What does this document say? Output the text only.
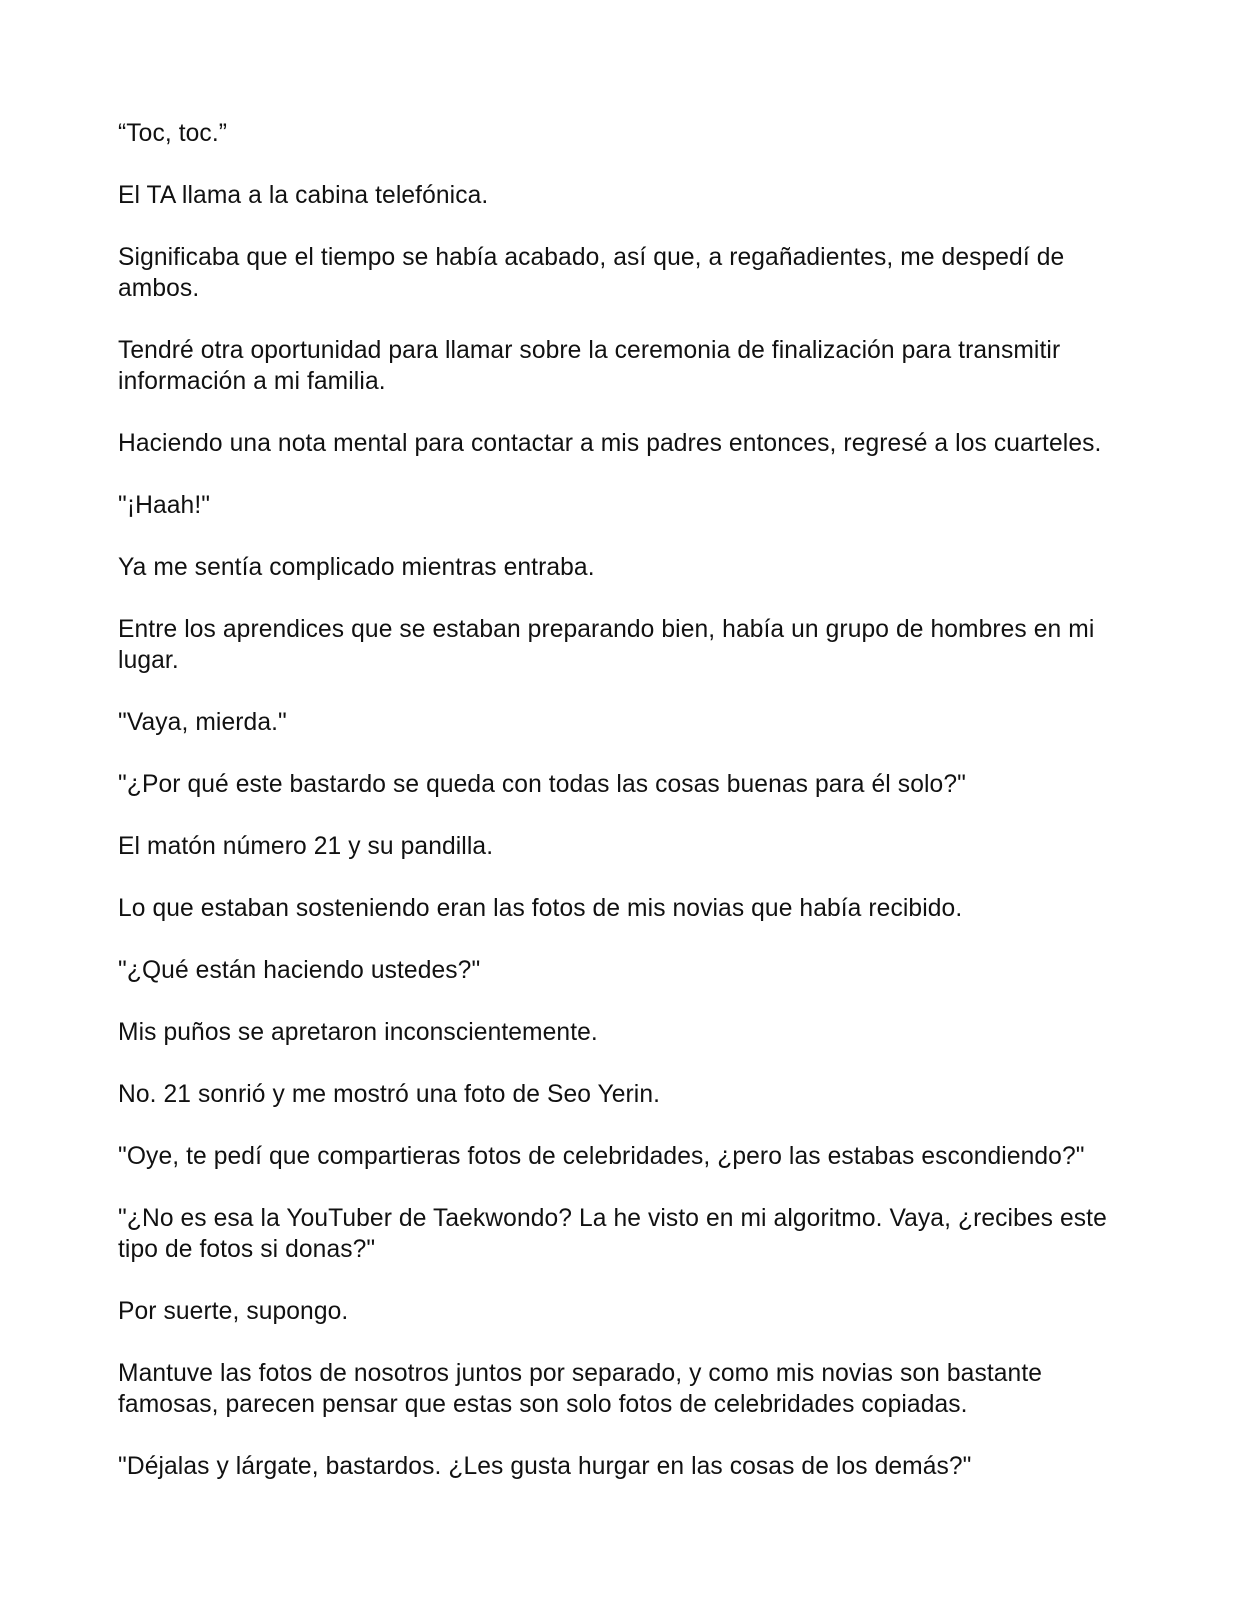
“Toc, toc.”

El TA llama a la cabina telefónica.

Significaba que el tiempo se había acabado, así que, a regañadientes, me despedí de ambos.

Tendré otra oportunidad para llamar sobre la ceremonia de finalización para transmitir información a mi familia.

Haciendo una nota mental para contactar a mis padres entonces, regresé a los cuarteles.

"¡Haah!"

Ya me sentía complicado mientras entraba.

Entre los aprendices que se estaban preparando bien, había un grupo de hombres en mi lugar.

"Vaya, mierda."

"¿Por qué este bastardo se queda con todas las cosas buenas para él solo?"

El matón número 21 y su pandilla.

Lo que estaban sosteniendo eran las fotos de mis novias que había recibido.

"¿Qué están haciendo ustedes?"

Mis puños se apretaron inconscientemente.

No. 21 sonrió y me mostró una foto de Seo Yerin.

"Oye, te pedí que compartieras fotos de celebridades, ¿pero las estabas escondiendo?"

"¿No es esa la YouTuber de Taekwondo? La he visto en mi algoritmo. Vaya, ¿recibes este tipo de fotos si donas?"

Por suerte, supongo.

Mantuve las fotos de nosotros juntos por separado, y como mis novias son bastante famosas, parecen pensar que estas son solo fotos de celebridades copiadas.

"Déjalas y lárgate, bastardos. ¿Les gusta hurgar en las cosas de los demás?"
